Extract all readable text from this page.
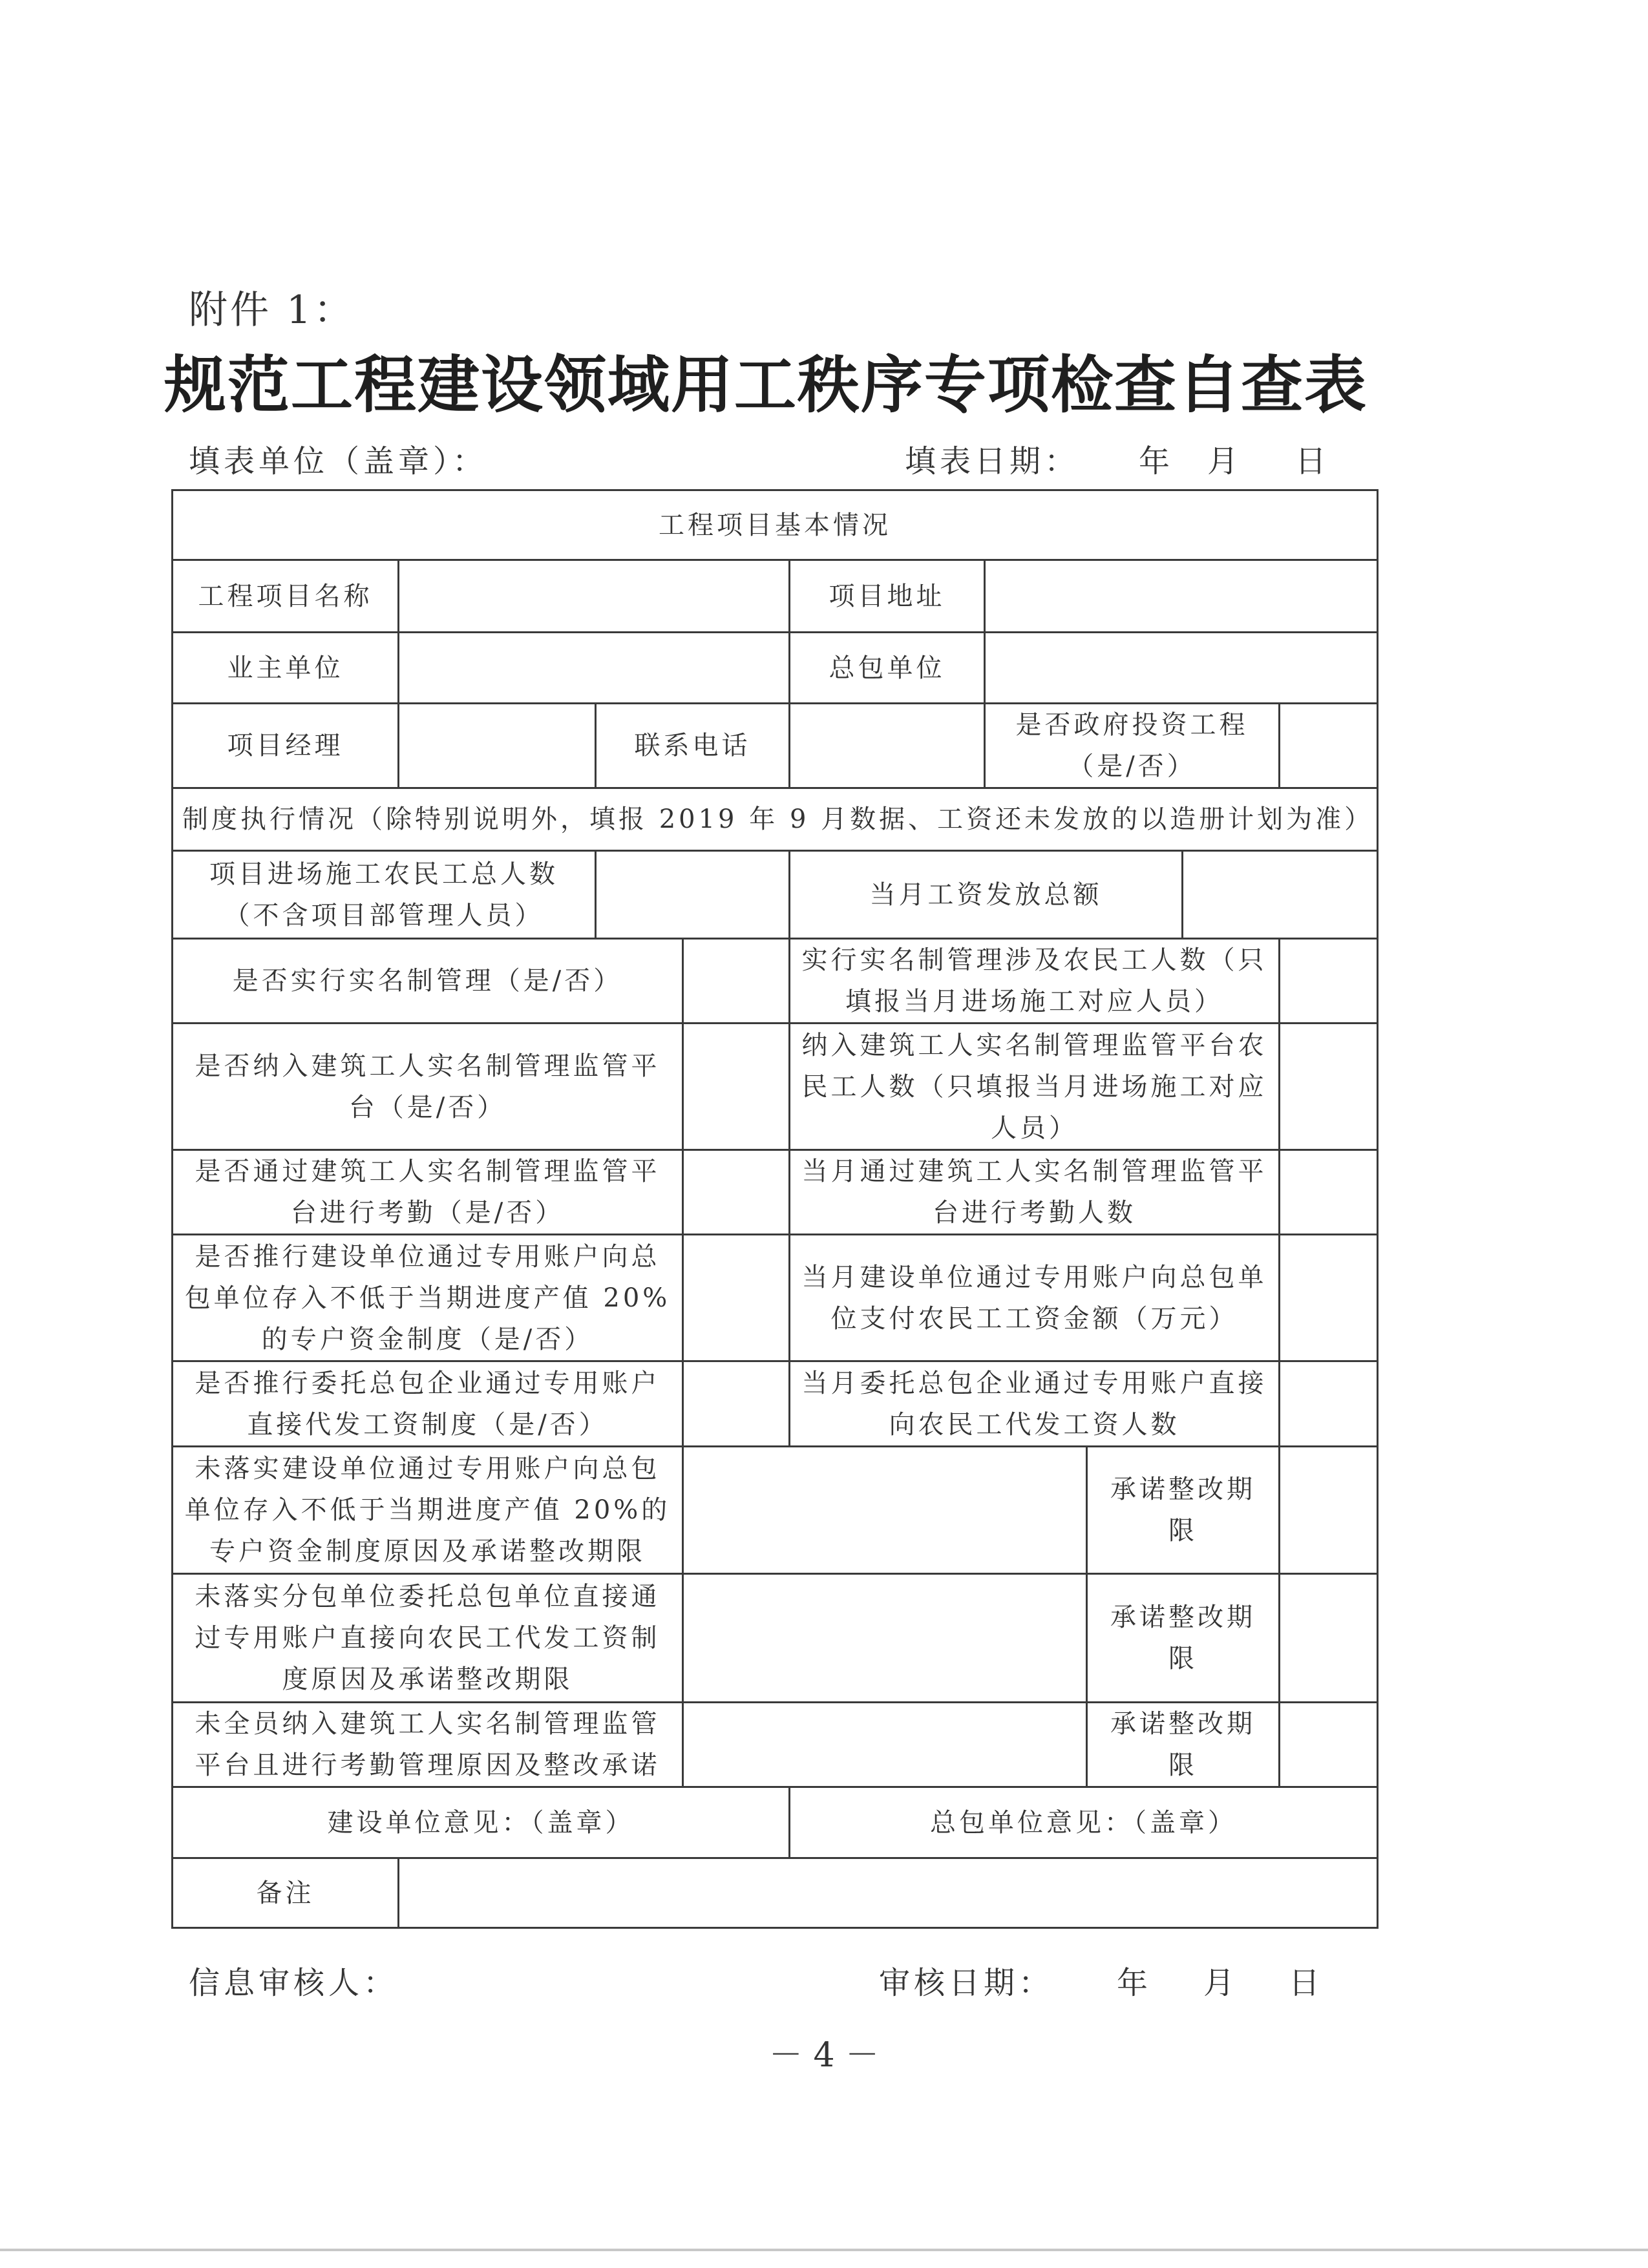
附件 1：
规范工程建设领域用工秩序专项检查自查表
填表单位（盖章）：	填表日期： 年 月 日
工程项目基本情况								
工程项目名称				项目地址				
业主单位				总包单位				
项目经理		联系电话			是否政府投资工程（是/否）			
制度执行情况（除特别说明外，填报 2019 年 9 月数据、工资还未发放的以造册计划为准）								
项目进场施工农民工总人数（不含项目部管理人员）				当月工资发放总额				
是否实行实名制管理（是/否）				实行实名制管理涉及农民工人数（只填报当月进场施工对应人员）				
是否纳入建筑工人实名制管理监管平台（是/否）				纳入建筑工人实名制管理监管平台农民工人数（只填报当月进场施工对应人员）				
是否通过建筑工人实名制管理监管平台进行考勤（是/否）				当月通过建筑工人实名制管理监管平台进行考勤人数				
是否推行建设单位通过专用账户向总包单位存入不低于当期进度产值 20%的专户资金制度（是/否）				当月建设单位通过专用账户向总包单位支付农民工工资金额（万元）				
是否推行委托总包企业通过专用账户直接代发工资制度（是/否）				当月委托总包企业通过专用账户直接向农民工代发工资人数				
未落实建设单位通过专用账户向总包单位存入不低于当期进度产值 20%的专户资金制度原因及承诺整改期限						承诺整改期限		
未落实分包单位委托总包单位直接通过专用账户直接向农民工代发工资制度原因及承诺整改期限						承诺整改期限		
未全员纳入建筑工人实名制管理监管平台且进行考勤管理原因及整改承诺						承诺整改期限		
建设单位意见：（盖章）				总包单位意见：（盖章）				
备注								
信息审核人：	审核日期： 年 月 日
－ 4 －
